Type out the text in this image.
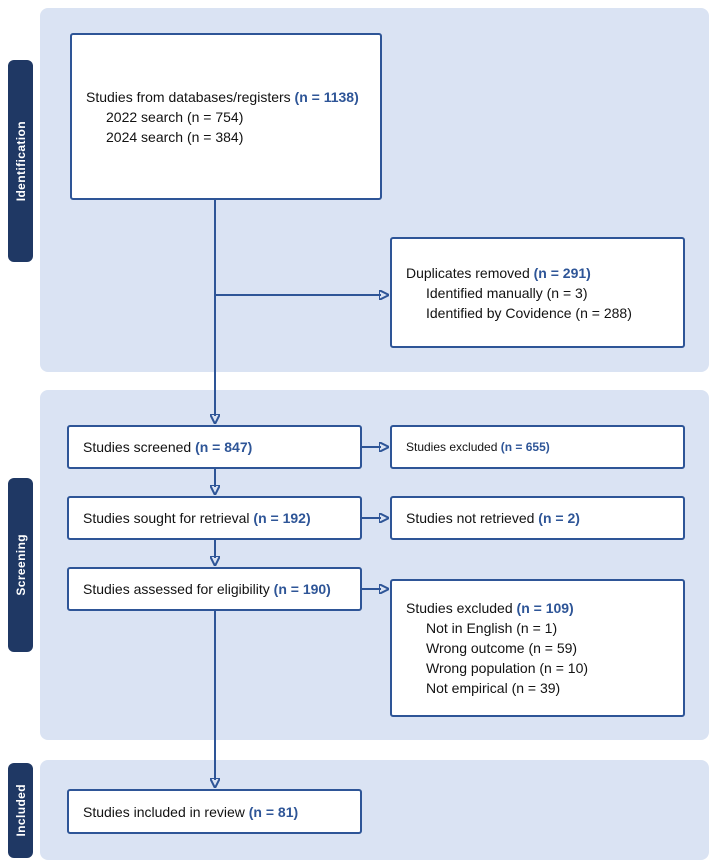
Identification
Screening
Included
Studies from databases/registers (n = 1138)
2022 search (n = 754)
2024 search (n = 384)
Duplicates removed (n = 291)
Identified manually (n = 3)
Identified by Covidence (n = 288)
Studies screened (n = 847)	Studies excluded (n = 655)
Studies sought for retrieval (n = 192)	Studies not retrieved (n = 2)
Studies assessed for eligibility (n = 190)
Studies excluded (n = 109)
Not in English (n = 1)
Wrong outcome (n = 59)
Wrong population (n = 10)
Not empirical (n = 39)
Studies included in review (n = 81)
